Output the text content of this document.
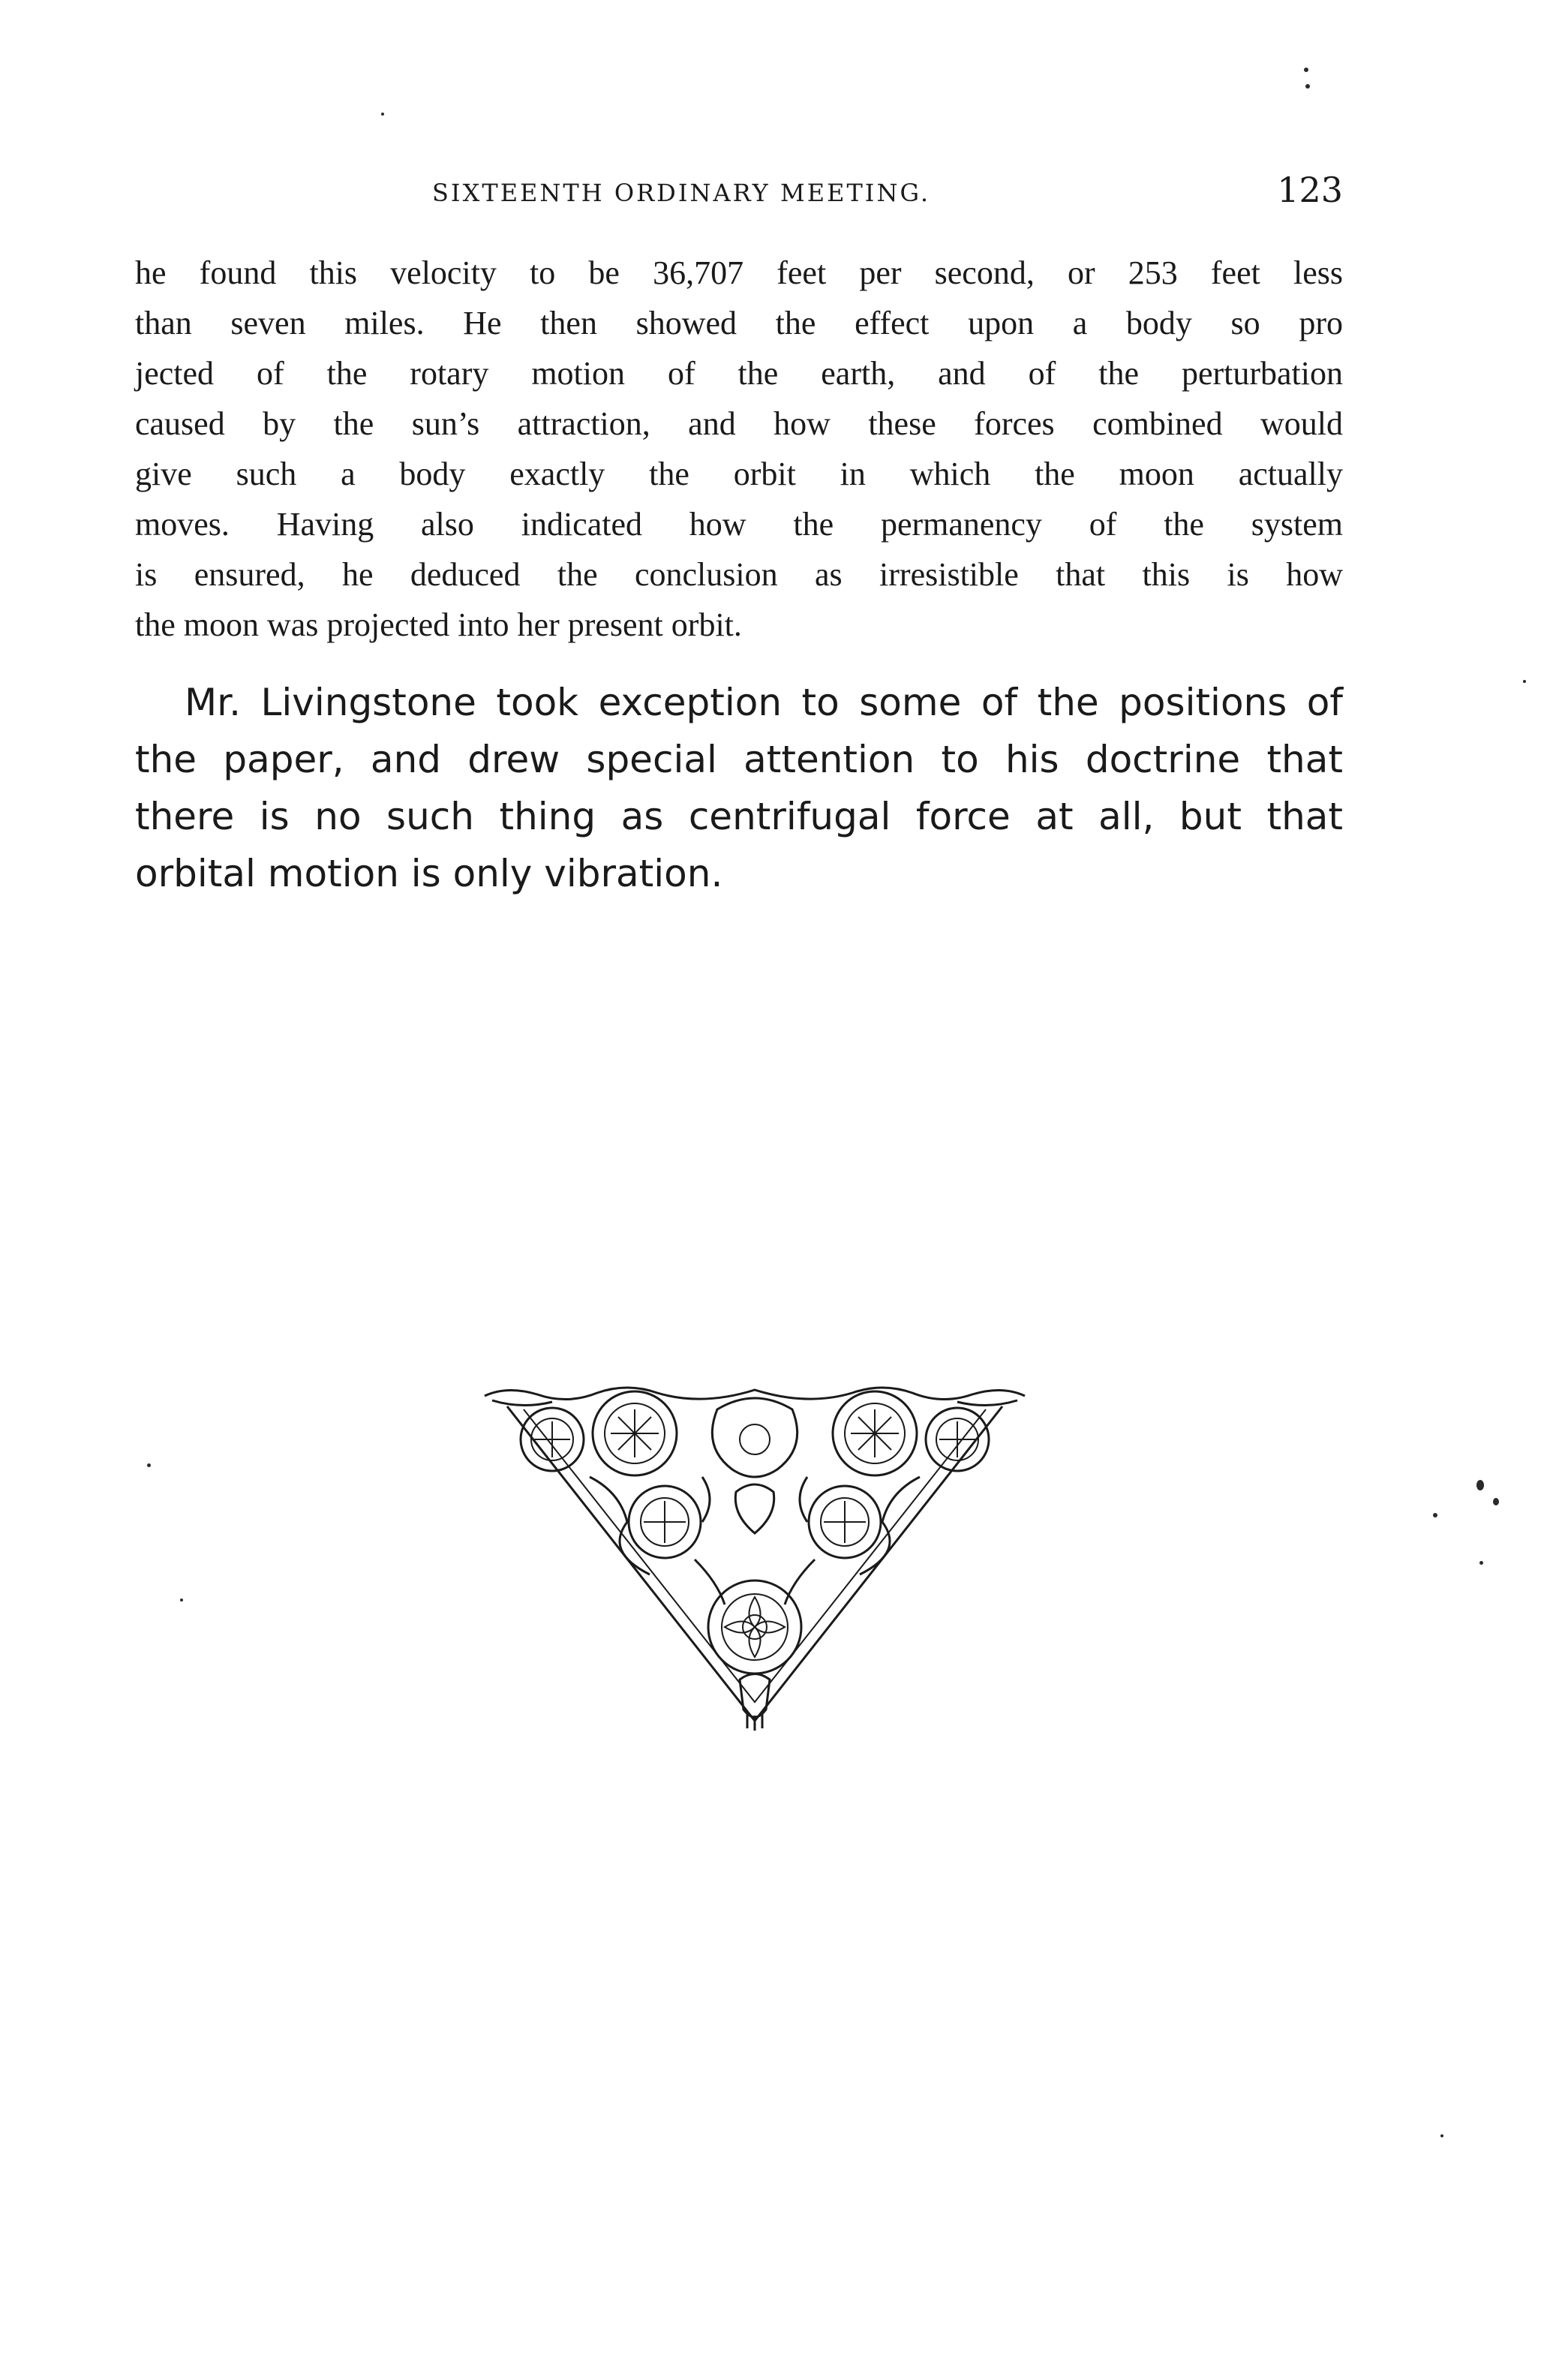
SIXTEENTH ORDINARY MEETING.	123
he found this velocity to be 36,707 feet per second, or 253 feet less
than seven miles. He then showed the effect upon a body so pro
jected of the rotary motion of the earth, and of the perturbation
caused by the sun’s attraction, and how these forces combined would
give such a body exactly the orbit in which the moon actually
moves. Having also indicated how the permanency of the system
is ensured, he deduced the conclusion as irresistible that this is how
the moon was projected into her present orbit.
Mr. Livingstone took exception to some of the positions of
the paper, and drew special attention to his doctrine that
there is no such thing as centrifugal force at all, but that
orbital motion is only vibration.
